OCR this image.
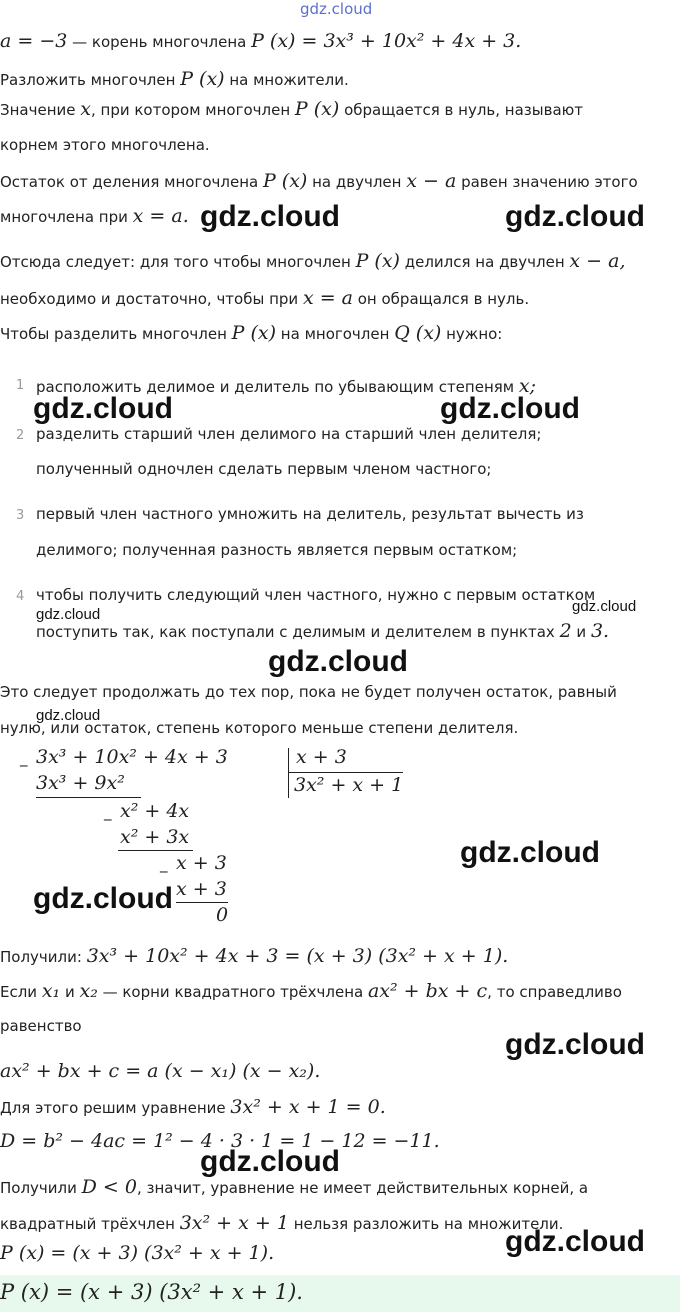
gdz.cloud
a = −3 — корень многочлена P (x) = 3x³ + 10x² + 4x + 3.
Разложить многочлен P (x) на множители.
Значение x, при котором многочлен P (x) обращается в нуль, называют
корнем этого многочлена.
Остаток от деления многочлена P (x) на двучлен x − a равен значению этого
многочлена при x = a.
Отсюда следует: для того чтобы многочлен P (x) делился на двучлен x − a,
необходимо и достаточно, чтобы при x = a он обращался в нуль.
Чтобы разделить многочлен P (x) на многочлен Q (x) нужно:
1 расположить делимое и делитель по убывающим степеням x;
2 разделить старший член делимого на старший член делителя;
полученный одночлен сделать первым членом частного;
3 первый член частного умножить на делитель, результат вычесть из
делимого; полученная разность является первым остатком;
4 чтобы получить следующий член частного, нужно с первым остатком
поступить так, как поступали с делимым и делителем в пунктах 2 и 3.
Это следует продолжать до тех пор, пока не будет получен остаток, равный
нулю, или остаток, степень которого меньше степени делителя.
_ 3x³ + 10x² + 4x + 3
3x³ + 9x²
_ x² + 4x
x² + 3x
_ x + 3
x + 3
0
x + 3
3x² + x + 1
Получили: 3x³ + 10x² + 4x + 3 = (x + 3) (3x² + x + 1).
Если x₁ и x₂ — корни квадратного трёхчлена ax² + bx + c, то справедливо
равенство
ax² + bx + c = a (x − x₁) (x − x₂).
Для этого решим уравнение 3x² + x + 1 = 0.
D = b² − 4ac = 1² − 4 · 3 · 1 = 1 − 12 = −11.
Получили D < 0, значит, уравнение не имеет действительных корней, а
квадратный трёхчлен 3x² + x + 1 нельзя разложить на множители.
P (x) = (x + 3) (3x² + x + 1).
P (x) = (x + 3) (3x² + x + 1).
gdz.cloud	gdz.cloud
gdz.cloud	gdz.cloud
gdz.cloud	gdz.cloud
gdz.cloud
gdz.cloud
gdz.cloud
gdz.cloud
gdz.cloud
gdz.cloud
gdz.cloud
